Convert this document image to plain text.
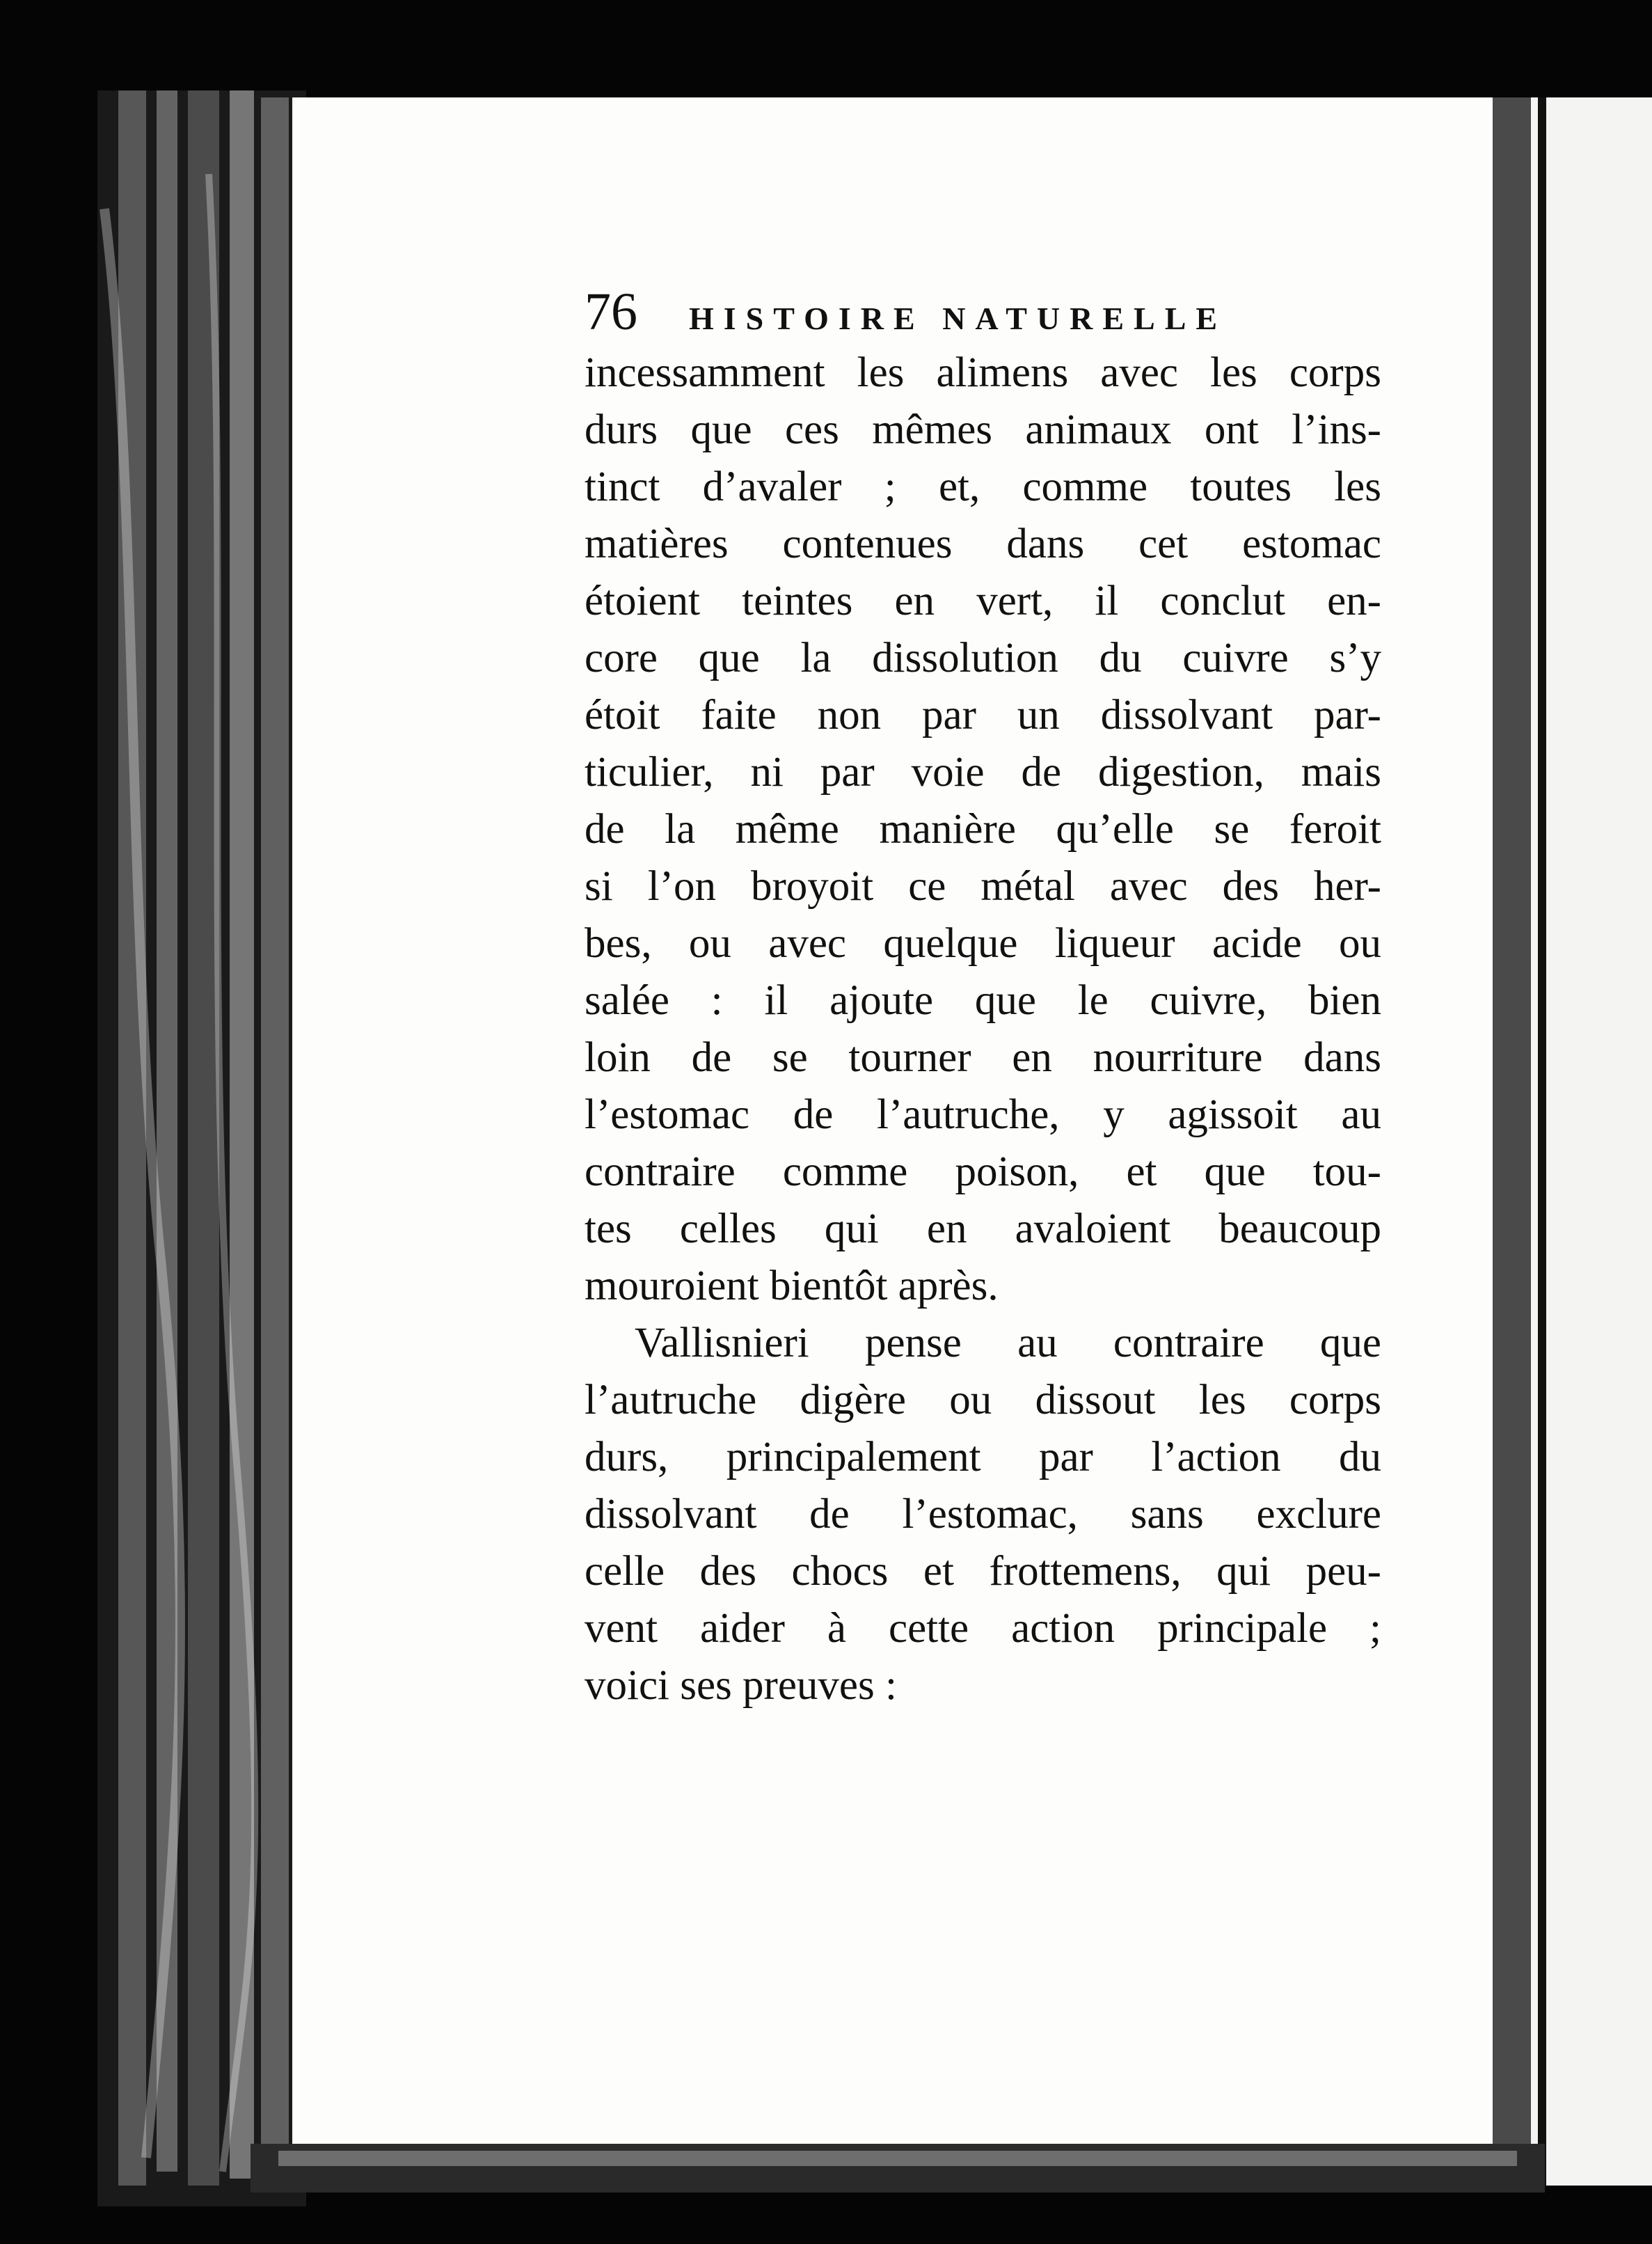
76	HISTOIRE NATURELLE
incessamment les alimens avec les corps
durs que ces mêmes animaux ont l’ins-
tinct d’avaler ; et, comme toutes les
matières contenues dans cet estomac
étoient teintes en vert, il conclut en-
core que la dissolution du cuivre s’y
étoit faite non par un dissolvant par-
ticulier, ni par voie de digestion, mais
de la même manière qu’elle se feroit
si l’on broyoit ce métal avec des her-
bes, ou avec quelque liqueur acide ou
salée : il ajoute que le cuivre, bien
loin de se tourner en nourriture dans
l’estomac de l’autruche, y agissoit au
contraire comme poison, et que tou-
tes celles qui en avaloient beaucoup
mouroient bientôt après.
Vallisnieri pense au contraire que
l’autruche digère ou dissout les corps
durs, principalement par l’action du
dissolvant de l’estomac, sans exclure
celle des chocs et frottemens, qui peu-
vent aider à cette action principale ;
voici ses preuves :
